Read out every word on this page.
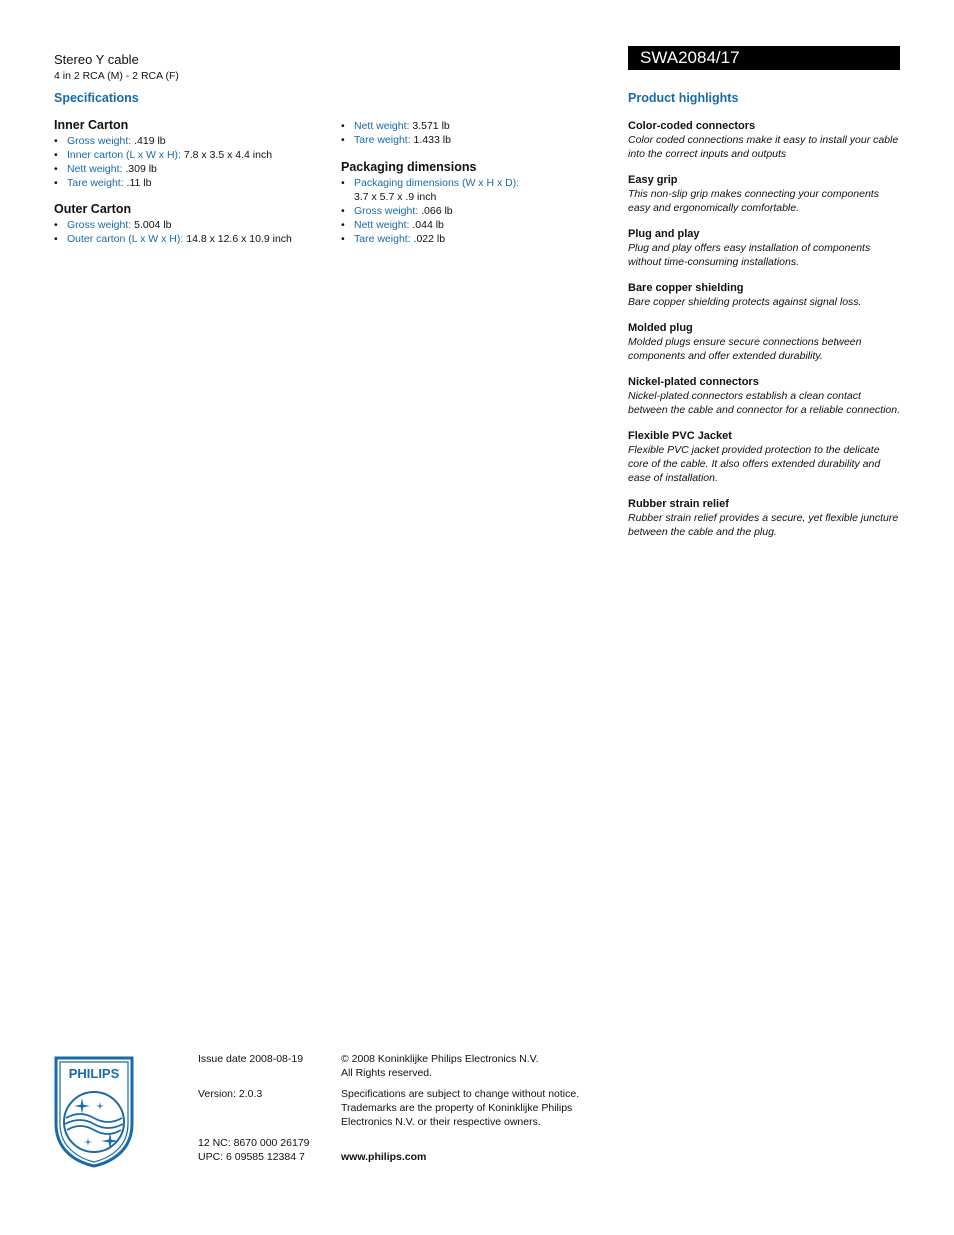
Stereo Y cable
4 in 2 RCA (M) - 2 RCA (F)
Specifications
SWA2084/17
Product highlights
Inner Carton
• Gross weight: .419 lb
• Inner carton (L x W x H): 7.8 x 3.5 x 4.4 inch
• Nett weight: .309 lb
• Tare weight: .11 lb
Outer Carton
• Gross weight: 5.004 lb
• Outer carton (L x W x H): 14.8 x 12.6 x 10.9 inch
• Nett weight: 3.571 lb
• Tare weight: 1.433 lb
Packaging dimensions
• Packaging dimensions (W x H x D):
3.7 x 5.7 x .9 inch
• Gross weight: .066 lb
• Nett weight: .044 lb
• Tare weight: .022 lb
Color-coded connectors
Color coded connections make it easy to install your cable into the correct inputs and outputs
Easy grip
This non-slip grip makes connecting your components easy and ergonomically comfortable.
Plug and play
Plug and play offers easy installation of components without time-consuming installations.
Bare copper shielding
Bare copper shielding protects against signal loss.
Molded plug
Molded plugs ensure secure connections between components and offer extended durability.
Nickel-plated connectors
Nickel-plated connectors establish a clean contact between the cable and connector for a reliable connection.
Flexible PVC Jacket
Flexible PVC jacket provided protection to the delicate core of the cable. It also offers extended durability and ease of installation.
Rubber strain relief
Rubber strain relief provides a secure, yet flexible juncture between the cable and the plug.
PHILIPS
Issue date 2008-08-19
Version: 2.0.3
12 NC: 8670 000 26179
UPC: 6 09585 12384 7
© 2008 Koninklijke Philips Electronics N.V.
All Rights reserved.
Specifications are subject to change without notice.
Trademarks are the property of Koninklijke Philips
Electronics N.V. or their respective owners.
www.philips.com
